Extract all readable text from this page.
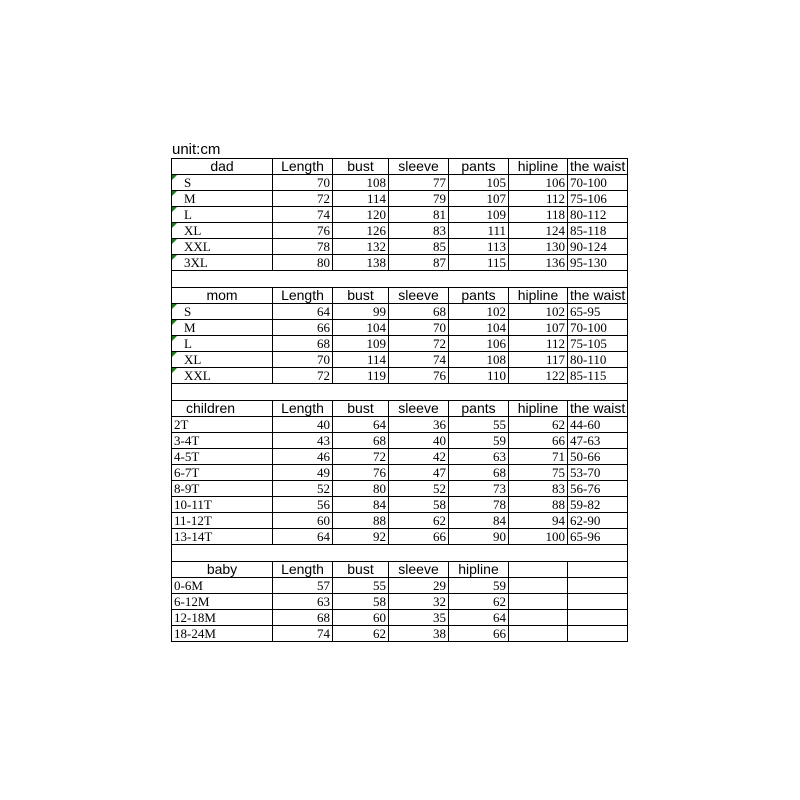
unit:cm
dad	Length	bust	sleeve	pants	hipline	the waist
S	70	108	77	105	106	70-100
M	72	114	79	107	112	75-106
L	74	120	81	109	118	80-112
XL	76	126	83	111	124	85-118
XXL	78	132	85	113	130	90-124
3XL	80	138	87	115	136	95-130

mom	Length	bust	sleeve	pants	hipline	the waist
S	64	99	68	102	102	65-95
M	66	104	70	104	107	70-100
L	68	109	72	106	112	75-105
XL	70	114	74	108	117	80-110
XXL	72	119	76	110	122	85-115

children	Length	bust	sleeve	pants	hipline	the waist
2T	40	64	36	55	62	44-60
3-4T	43	68	40	59	66	47-63
4-5T	46	72	42	63	71	50-66
6-7T	49	76	47	68	75	53-70
8-9T	52	80	52	73	83	56-76
10-11T	56	84	58	78	88	59-82
11-12T	60	88	62	84	94	62-90
13-14T	64	92	66	90	100	65-96

baby	Length	bust	sleeve	hipline		
0-6M	57	55	29	59		
6-12M	63	58	32	62		
12-18M	68	60	35	64		
18-24M	74	62	38	66		
